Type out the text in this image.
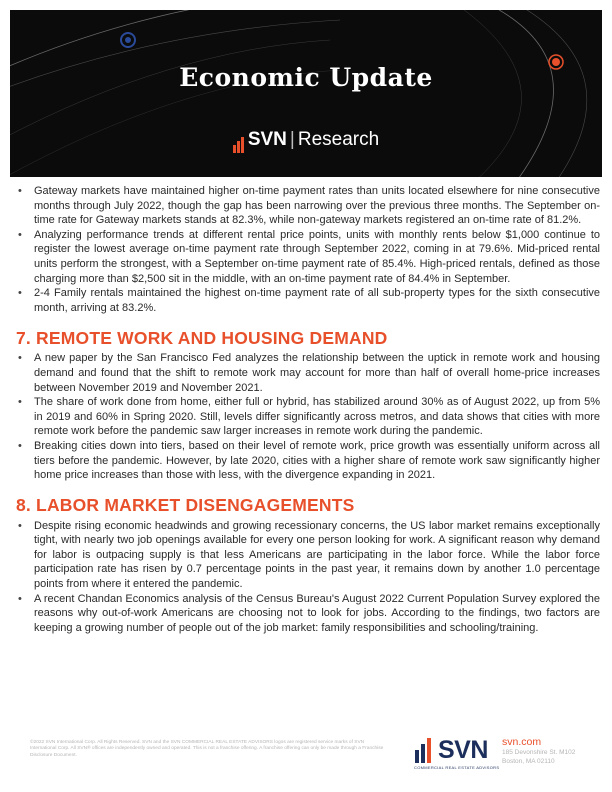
Economic Update
SVN | Research
• Gateway markets have maintained higher on-time payment rates than units located elsewhere for nine consecutive months through July 2022, though the gap has been narrowing over the previous three months. The September on-time rate for Gateway markets stands at 82.3%, while non-gateway markets registered an on-time rate of 81.2%.
• Analyzing performance trends at different rental price points, units with monthly rents below $1,000 continue to register the lowest average on-time payment rate through September 2022, coming in at 79.6%. Mid-priced rental units perform the strongest, with a September on-time payment rate of 85.4%. High-priced rentals, defined as those charging more than $2,500 sit in the middle, with an on-time payment rate of 84.4% in September.
• 2-4 Family rentals maintained the highest on-time payment rate of all sub-property types for the sixth consecutive month, arriving at 83.2%.
7. REMOTE WORK AND HOUSING DEMAND
• A new paper by the San Francisco Fed analyzes the relationship between the uptick in remote work and housing demand and found that the shift to remote work may account for more than half of overall home-price increases between November 2019 and November 2021.
• The share of work done from home, either full or hybrid, has stabilized around 30% as of August 2022, up from 5% in 2019 and 60% in Spring 2020. Still, levels differ significantly across metros, and data shows that cities with more remote work before the pandemic saw larger increases in remote work during the pandemic.
• Breaking cities down into tiers, based on their level of remote work, price growth was essentially uniform across all tiers before the pandemic. However, by late 2020, cities with a higher share of remote work saw significantly higher home price increases than those with less, with the divergence expanding in 2021.
8. LABOR MARKET DISENGAGEMENTS
• Despite rising economic headwinds and growing recessionary concerns, the US labor market remains exceptionally tight, with nearly two job openings available for every one person looking for work. A significant reason why demand for labor is outpacing supply is that less Americans are participating in the labor force. While the labor force participation rate has risen by 0.7 percentage points in the past year, it remains down by another 1.0 percentage points from where it entered the pandemic.
• A recent Chandan Economics analysis of the Census Bureau's August 2022 Current Population Survey explored the reasons why out-of-work Americans are choosing not to look for jobs. According to the findings, two factors are keeping a growing number of people out of the job market: family responsibilities and schooling/training.
©2022 SVN International Corp. All Rights Reserved. SVN and the SVN COMMERCIAL REAL ESTATE ADVISORS logos are registered service marks of SVN International Corp. All SVN® offices are independently owned and operated. This is not a franchise offering. A franchise offering can only be made through a Franchise Disclosure Document.	SVN
COMMERCIAL REAL ESTATE ADVISORS
svn.com
185 Devonshire St. M102
Boston, MA 02110
